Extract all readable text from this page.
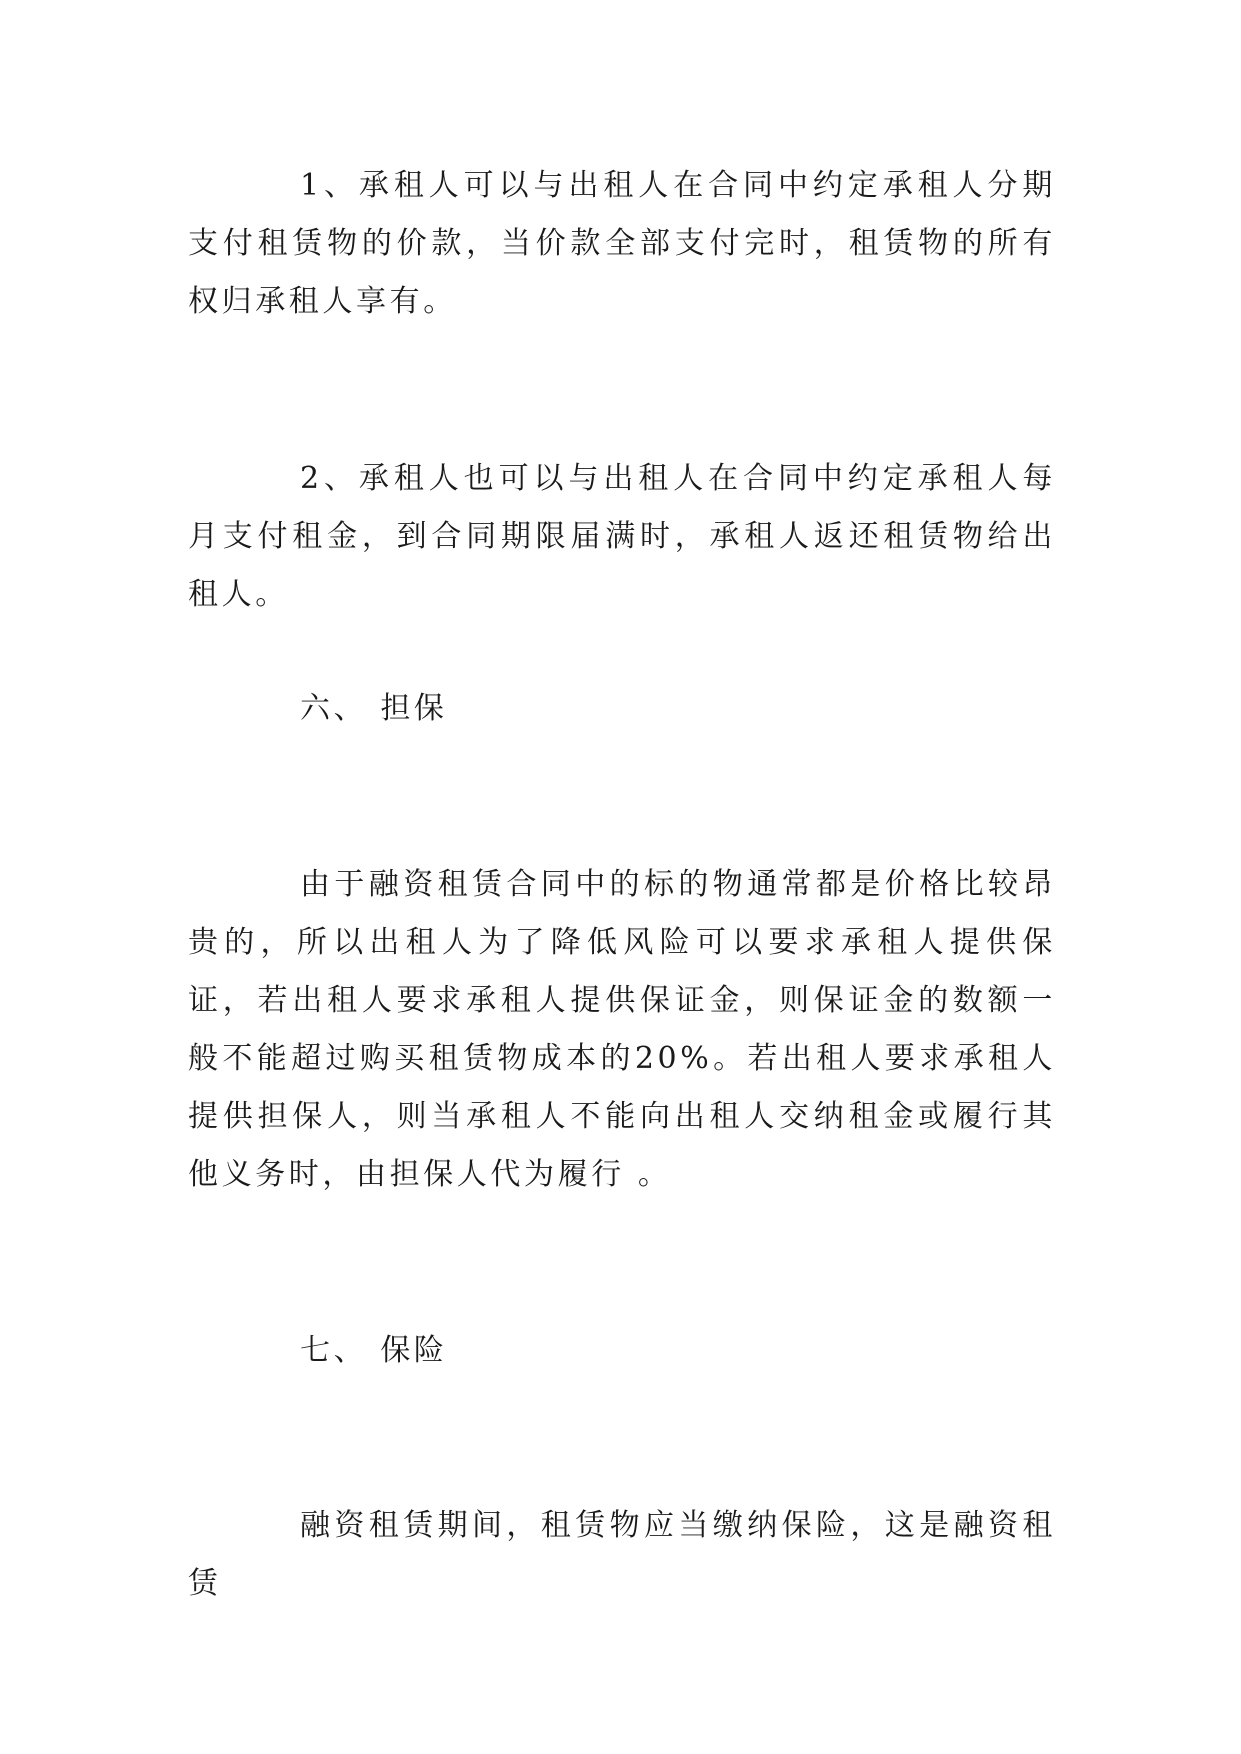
1、承租人可以与出租人在合同中约定承租人分期支付租赁物的价款，当价款全部支付完时，租赁物的所有权归承租人享有。

2、承租人也可以与出租人在合同中约定承租人每月支付租金，到合同期限届满时，承租人返还租赁物给出租人。

六、 担保

由于融资租赁合同中的标的物通常都是价格比较昂贵的，所以出租人为了降低风险可以要求承租人提供保证，若出租人要求承租人提供保证金，则保证金的数额一般不能超过购买租赁物成本的20%。若出租人要求承租人提供担保人，则当承租人不能向出租人交纳租金或履行其他义务时，由担保人代为履行 。

七、 保险

融资租赁期间，租赁物应当缴纳保险，这是融资租赁
